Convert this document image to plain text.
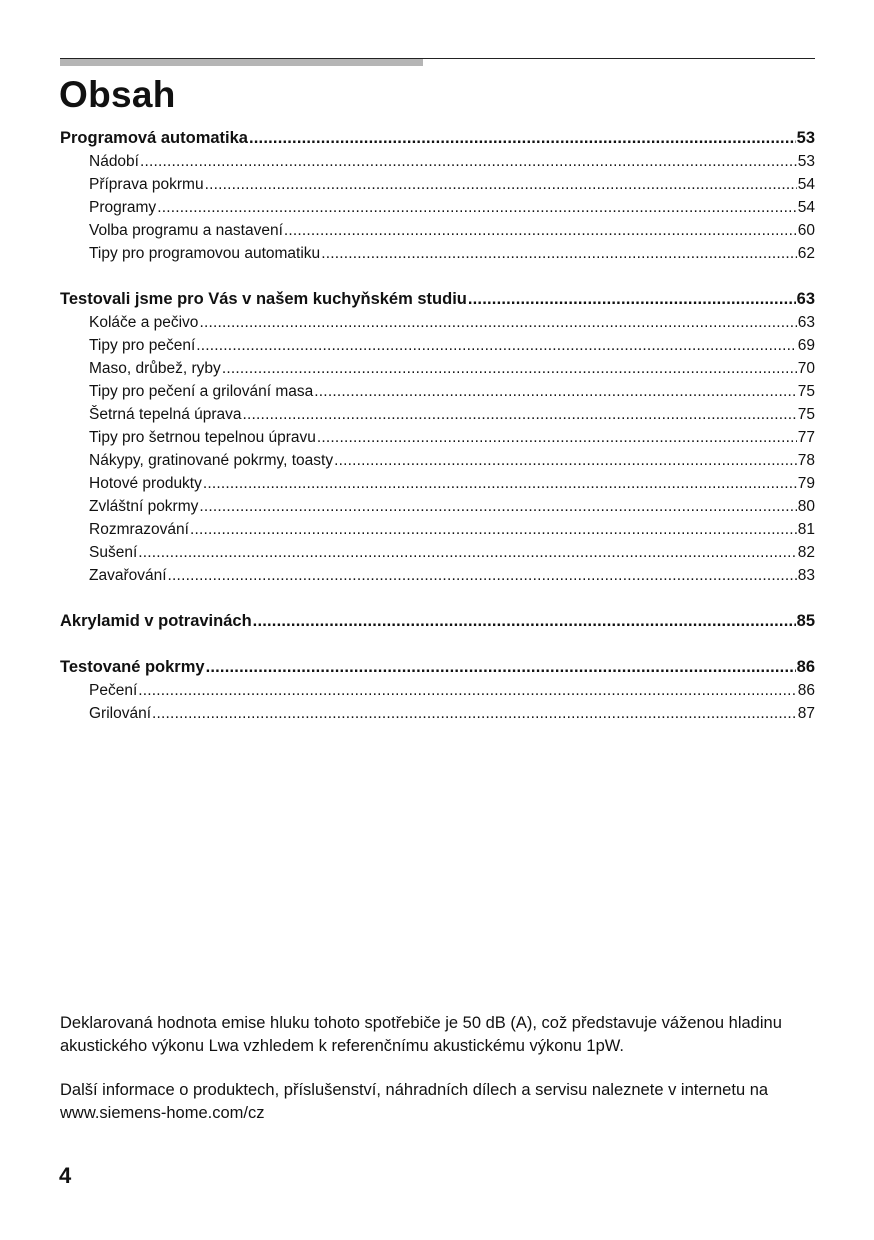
Obsah
Programová automatika .....	53
Nádobí .....	53
Příprava pokrmu .....	54
Programy .....	54
Volba programu a nastavení .....	60
Tipy pro programovou automatiku .....	62
Testovali jsme pro Vás v našem kuchyňském studiu .....	63
Koláče a pečivo .....	63
Tipy pro pečení .....	69
Maso, drůbež, ryby .....	70
Tipy pro pečení a grilování masa .....	75
Šetrná tepelná úprava .....	75
Tipy pro šetrnou tepelnou úpravu .....	77
Nákypy, gratinované pokrmy, toasty .....	78
Hotové produkty .....	79
Zvláštní pokrmy .....	80
Rozmrazování .....	81
Sušení .....	82
Zavařování .....	83
Akrylamid v potravinách .....	85
Testované pokrmy .....	86
Pečení .....	86
Grilování .....	87

Deklarovaná hodnota emise hluku tohoto spotřebiče je 50 dB (A), což představuje váženou hladinu akustického výkonu Lwa vzhledem k referenčnímu akustickému výkonu 1pW.

Další informace o produktech, příslušenství, náhradních dílech a servisu naleznete v internetu na www.siemens-home.com/cz

4
